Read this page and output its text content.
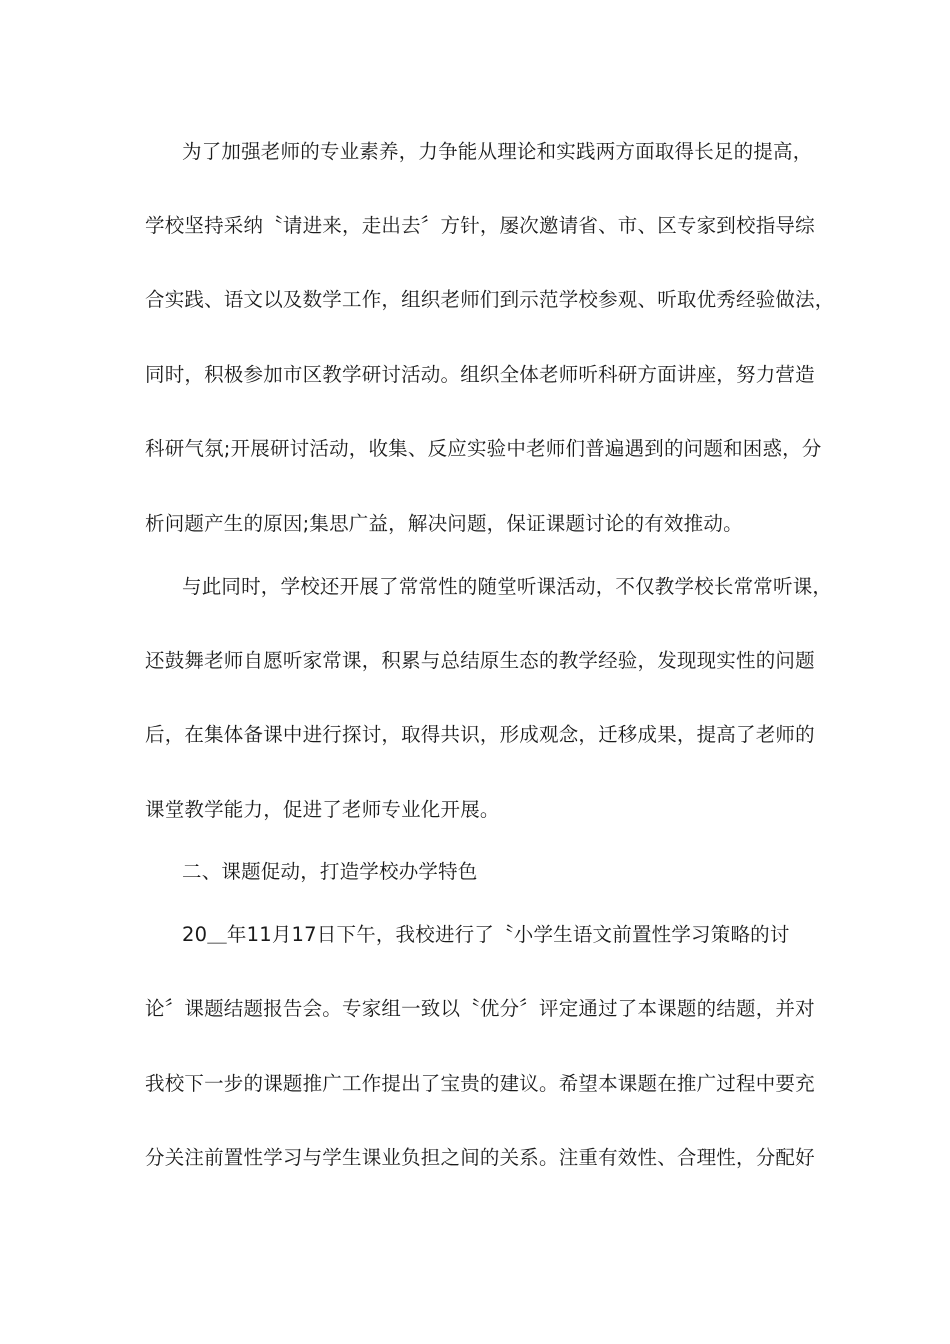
为了加强老师的专业素养，力争能从理论和实践两方面取得长足的提高，
学校坚持采纳〝请进来，走出去〞方针，屡次邀请省、市、区专家到校指导综
合实践、语文以及数学工作，组织老师们到示范学校参观、听取优秀经验做法，
同时，积极参加市区教学研讨活动。组织全体老师听科研方面讲座，努力营造
科研气氛;开展研讨活动，收集、反应实验中老师们普遍遇到的问题和困惑，分
析问题产生的原因;集思广益，解决问题，保证课题讨论的有效推动。
与此同时，学校还开展了常常性的随堂听课活动，不仅教学校长常常听课，
还鼓舞老师自愿听家常课，积累与总结原生态的教学经验，发现现实性的问题
后，在集体备课中进行探讨，取得共识，形成观念，迁移成果，提高了老师的
课堂教学能力，促进了老师专业化开展。
二、课题促动，打造学校办学特色
20＿年11月17日下午，我校进行了〝小学生语文前置性学习策略的讨
论〞课题结题报告会。专家组一致以〝优分〞评定通过了本课题的结题，并对
我校下一步的课题推广工作提出了宝贵的建议。希望本课题在推广过程中要充
分关注前置性学习与学生课业负担之间的关系。注重有效性、合理性，分配好
